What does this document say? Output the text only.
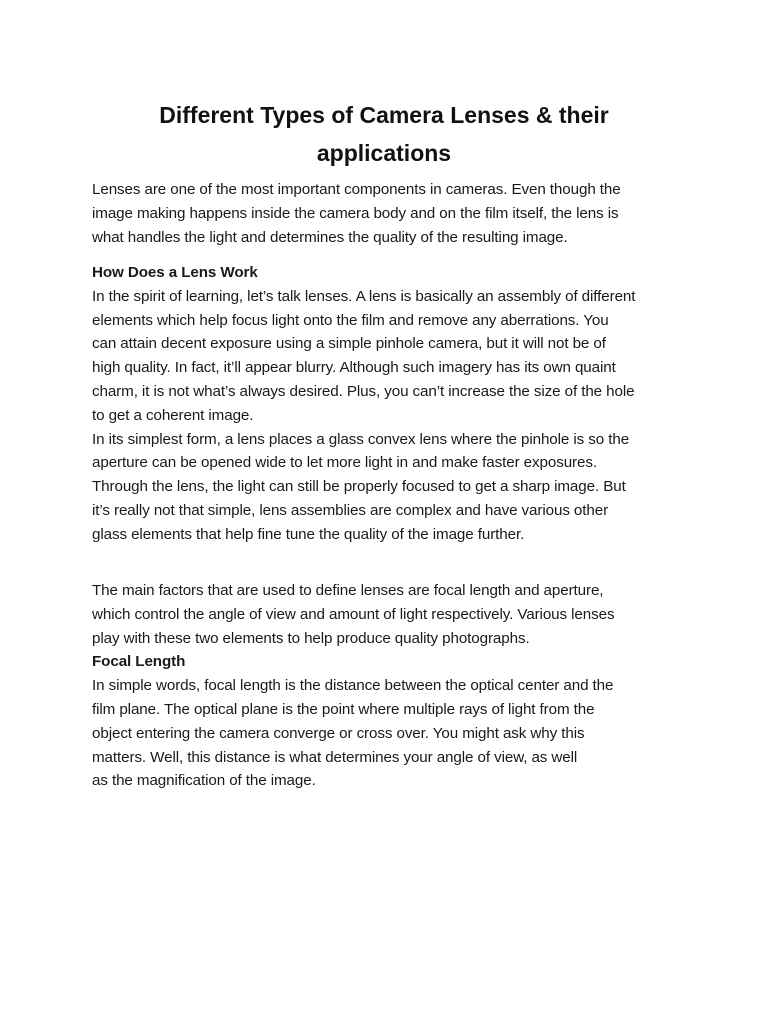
Different Types of Camera Lenses & their
applications

Lenses are one of the most important components in cameras. Even though the
image making happens inside the camera body and on the film itself, the lens is
what handles the light and determines the quality of the resulting image.

How Does a Lens Work
In the spirit of learning, let’s talk lenses. A lens is basically an assembly of different
elements which help focus light onto the film and remove any aberrations. You
can attain decent exposure using a simple pinhole camera, but it will not be of
high quality. In fact, it’ll appear blurry. Although such imagery has its own quaint
charm, it is not what’s always desired. Plus, you can’t increase the size of the hole
to get a coherent image.
In its simplest form, a lens places a glass convex lens where the pinhole is so the
aperture can be opened wide to let more light in and make faster exposures.
Through the lens, the light can still be properly focused to get a sharp image. But
it’s really not that simple, lens assemblies are complex and have various other
glass elements that help fine tune the quality of the image further.
The main factors that are used to define lenses are focal length and aperture,
which control the angle of view and amount of light respectively. Various lenses
play with these two elements to help produce quality photographs.
Focal Length
In simple words, focal length is the distance between the optical center and the
film plane. The optical plane is the point where multiple rays of light from the
object entering the camera converge or cross over. You might ask why this
matters. Well, this distance is what determines your angle of view, as well
as the magnification of the image.
